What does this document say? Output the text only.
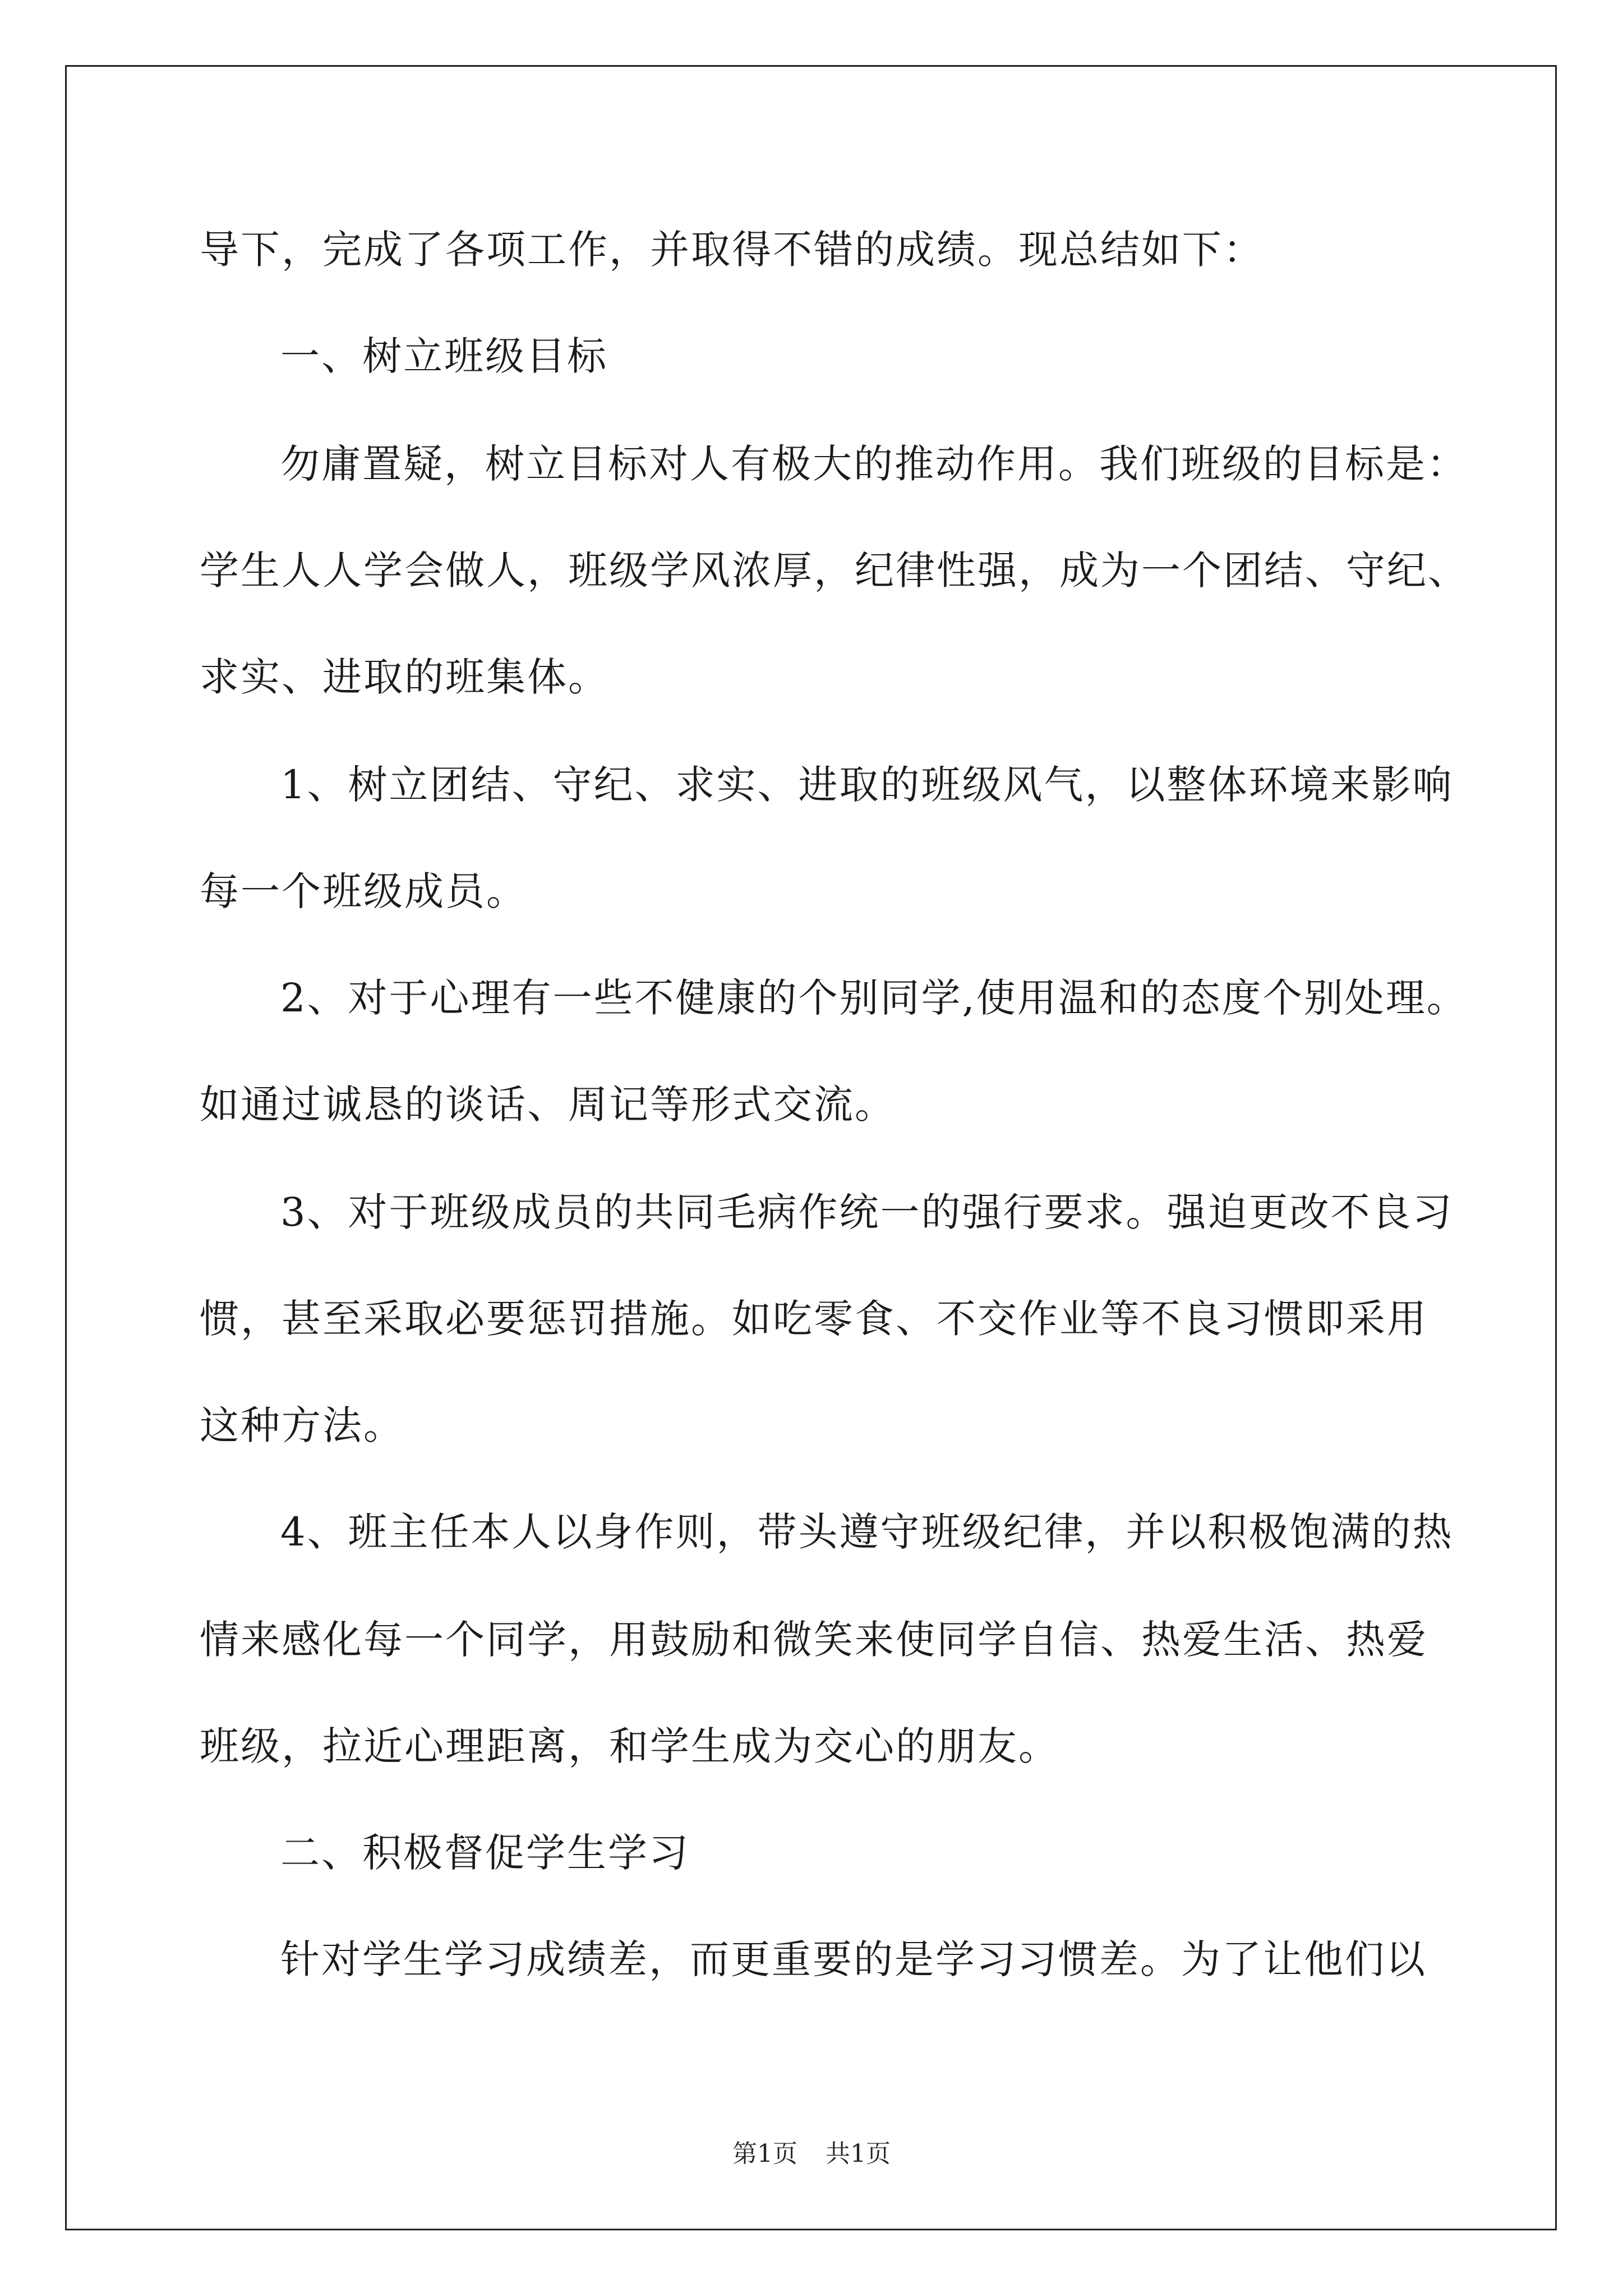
导下，完成了各项工作，并取得不错的成绩。现总结如下：
一、树立班级目标
勿庸置疑，树立目标对人有极大的推动作用。我们班级的目标是：
学生人人学会做人，班级学风浓厚，纪律性强，成为一个团结、守纪、
求实、进取的班集体。
1、树立团结、守纪、求实、进取的班级风气，以整体环境来影响
每一个班级成员。
2、对于心理有一些不健康的个别同学,使用温和的态度个别处理。
如通过诚恳的谈话、周记等形式交流。
3、对于班级成员的共同毛病作统一的强行要求。强迫更改不良习
惯，甚至采取必要惩罚措施。如吃零食、不交作业等不良习惯即采用
这种方法。
4、班主任本人以身作则，带头遵守班级纪律，并以积极饱满的热
情来感化每一个同学，用鼓励和微笑来使同学自信、热爱生活、热爱
班级，拉近心理距离，和学生成为交心的朋友。
二、积极督促学生学习
针对学生学习成绩差，而更重要的是学习习惯差。为了让他们以
第1页 共1页
